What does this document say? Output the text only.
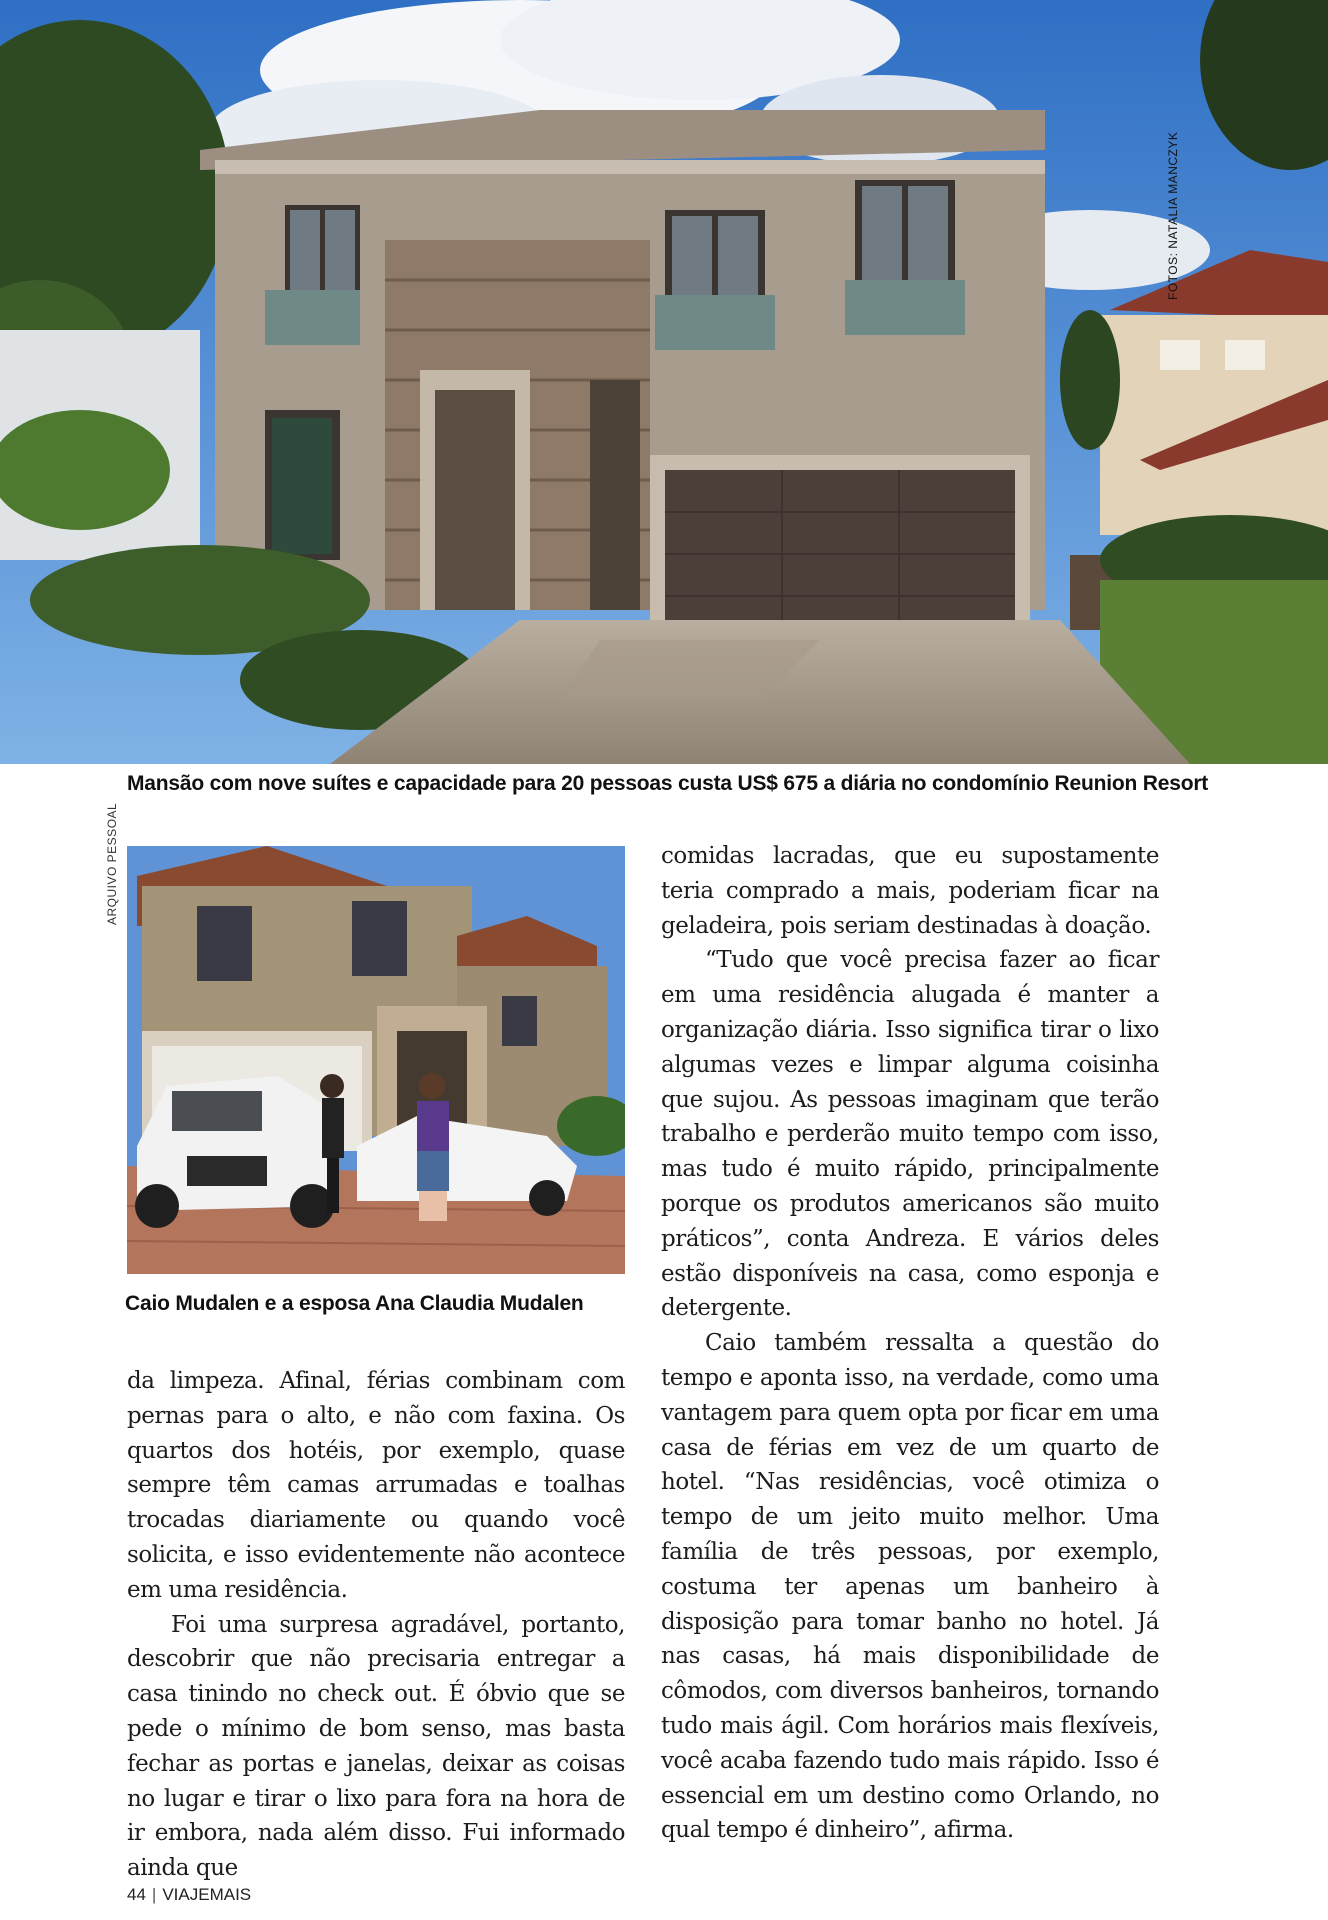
FOTOS: NATALIA MANCZYK
Mansão com nove suítes e capacidade para 20 pessoas custa US$ 675 a diária no condomínio Reunion Resort
ARQUIVO PESSOAL
Caio Mudalen e a esposa Ana Claudia Mudalen

da limpeza. Afinal, férias combinam com pernas para o alto, e não com faxina. Os quartos dos hotéis, por exemplo, quase sempre têm camas arrumadas e toalhas trocadas diariamente ou quando você solicita, e isso evidentemente não acontece em uma residência.

Foi uma surpresa agradável, portanto, descobrir que não precisaria entregar a casa tinindo no check out. É óbvio que se pede o mínimo de bom senso, mas basta fechar as portas e janelas, deixar as coisas no lugar e tirar o lixo para fora na hora de ir embora, nada além disso. Fui informado ainda que

comidas lacradas, que eu supostamente teria comprado a mais, poderiam ficar na geladeira, pois seriam destinadas à doação.

“Tudo que você precisa fazer ao ficar em uma residência alugada é manter a organização diária. Isso significa tirar o lixo algumas vezes e limpar alguma coisinha que sujou. As pessoas imaginam que terão trabalho e perderão muito tempo com isso, mas tudo é muito rápido, principalmente porque os produtos americanos são muito práticos”, conta Andreza. E vários deles estão disponíveis na casa, como esponja e detergente.

Caio também ressalta a questão do tempo e aponta isso, na verdade, como uma vantagem para quem opta por ficar em uma casa de férias em vez de um quarto de hotel. “Nas residências, você otimiza o tempo de um jeito muito melhor. Uma família de três pessoas, por exemplo, costuma ter apenas um banheiro à disposição para tomar banho no hotel. Já nas casas, há mais disponibilidade de cômodos, com diversos banheiros, tornando tudo mais ágil. Com horários mais flexíveis, você acaba fazendo tudo mais rápido. Isso é essencial em um destino como Orlando, no qual tempo é dinheiro”, afirma.

44 | VIAJEMAIS
